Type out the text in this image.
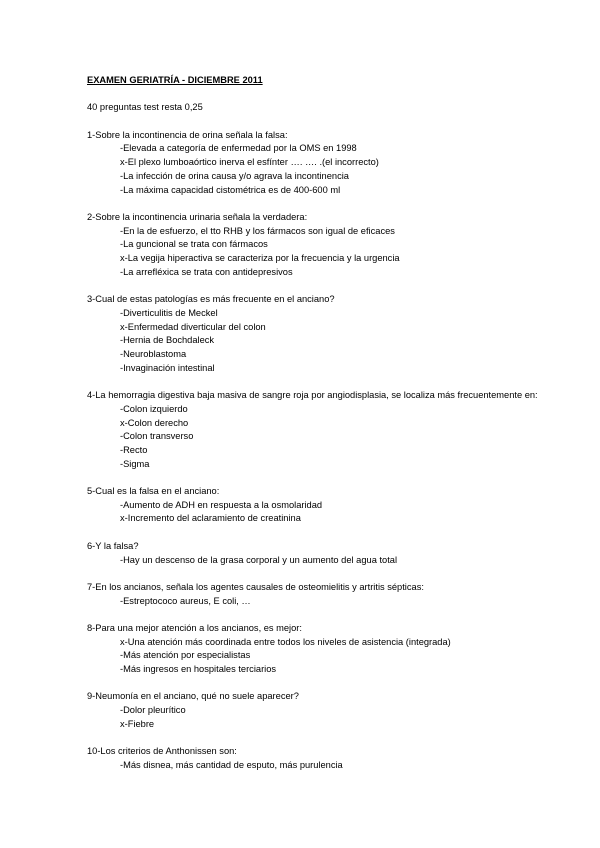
EXAMEN GERIATRÍA - DICIEMBRE 2011
40 preguntas test resta 0,25
1-Sobre la incontinencia de orina señala la falsa:
-Elevada a categoría de enfermedad por la OMS en 1998
x-El plexo lumboaórtico inerva el esfínter …. …. .(el incorrecto)
-La infección de orina causa y/o agrava la incontinencia
-La máxima capacidad cistométrica es de 400-600 ml
2-Sobre la incontinencia urinaria señala la verdadera:
-En la de esfuerzo, el tto RHB y los fármacos son igual de eficaces
-La guncional se trata con fármacos
x-La vegija hiperactiva se caracteriza por la frecuencia y la urgencia
-La arrefléxica se trata con antidepresivos
3-Cual de estas patologías es más frecuente en el anciano?
-Diverticulitis de Meckel
x-Enfermedad diverticular del colon
-Hernia de Bochdaleck
-Neuroblastoma
-Invaginación intestinal
4-La hemorragia digestiva baja masiva de sangre roja por angiodisplasia, se localiza más frecuentemente en:
-Colon izquierdo
x-Colon derecho
-Colon transverso
-Recto
-Sigma
5-Cual es la falsa en el anciano:
-Aumento de ADH en respuesta a la osmolaridad
x-Incremento del aclaramiento de creatinina
6-Y la falsa?
-Hay un descenso de la grasa corporal y un aumento del agua total
7-En los ancianos, señala los agentes causales de osteomielitis y artritis sépticas:
-Estreptococo aureus, E coli, …
8-Para una mejor atención a los ancianos, es mejor:
x-Una atención más coordinada entre todos los niveles de asistencia (integrada)
-Más atención por especialistas
-Más ingresos en hospitales terciarios
9-Neumonía en el anciano, qué no suele aparecer?
-Dolor pleurítico
x-Fiebre
10-Los criterios de Anthonissen son:
-Más disnea, más cantidad de esputo, más purulencia
